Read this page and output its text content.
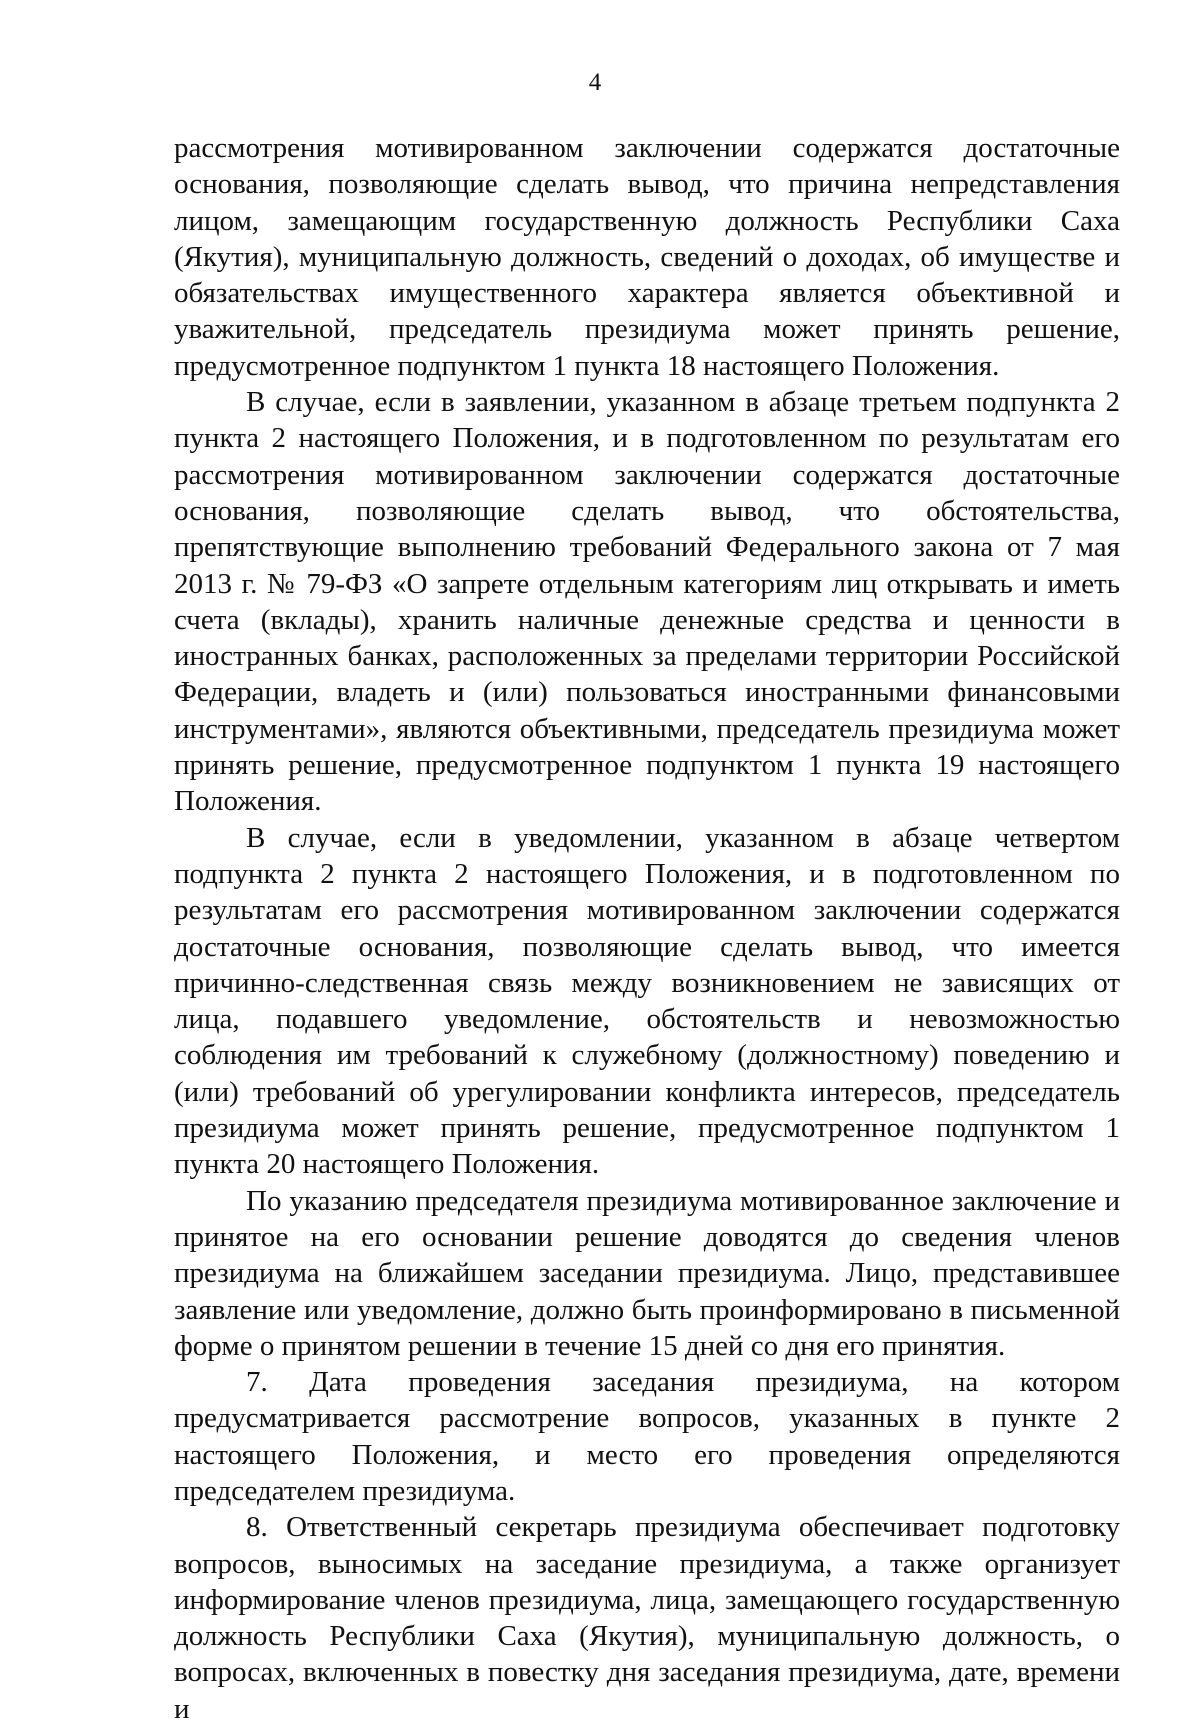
4

рассмотрения мотивированном заключении содержатся достаточные основания, позволяющие сделать вывод, что причина непредставления лицом, замещающим государственную должность Республики Саха (Якутия), муниципальную должность, сведений о доходах, об имуществе и обязательствах имущественного характера является объективной и уважительной, председатель президиума может принять решение, предусмотренное подпунктом 1 пункта 18 настоящего Положения.

В случае, если в заявлении, указанном в абзаце третьем подпункта 2 пункта 2 настоящего Положения, и в подготовленном по результатам его рассмотрения мотивированном заключении содержатся достаточные основания, позволяющие сделать вывод, что обстоятельства, препятствующие выполнению требований Федерального закона от 7 мая 2013 г. № 79-ФЗ «О запрете отдельным категориям лиц открывать и иметь счета (вклады), хранить наличные денежные средства и ценности в иностранных банках, расположенных за пределами территории Российской Федерации, владеть и (или) пользоваться иностранными финансовыми инструментами», являются объективными, председатель президиума может принять решение, предусмотренное подпунктом 1 пункта 19 настоящего Положения.

В случае, если в уведомлении, указанном в абзаце четвертом подпункта 2 пункта 2 настоящего Положения, и в подготовленном по результатам его рассмотрения мотивированном заключении содержатся достаточные основания, позволяющие сделать вывод, что имеется причинно-следственная связь между возникновением не зависящих от лица, подавшего уведомление, обстоятельств и невозможностью соблюдения им требований к служебному (должностному) поведению и (или) требований об урегулировании конфликта интересов, председатель президиума может принять решение, предусмотренное подпунктом 1 пункта 20 настоящего Положения.

По указанию председателя президиума мотивированное заключение и принятое на его основании решение доводятся до сведения членов президиума на ближайшем заседании президиума. Лицо, представившее заявление или уведомление, должно быть проинформировано в письменной форме о принятом решении в течение 15 дней со дня его принятия.

7. Дата проведения заседания президиума, на котором предусматривается рассмотрение вопросов, указанных в пункте 2 настоящего Положения, и место его проведения определяются председателем президиума.

8. Ответственный секретарь президиума обеспечивает подготовку вопросов, выносимых на заседание президиума, а также организует информирование членов президиума, лица, замещающего государственную должность Республики Саха (Якутия), муниципальную должность, о вопросах, включенных в повестку дня заседания президиума, дате, времени и
